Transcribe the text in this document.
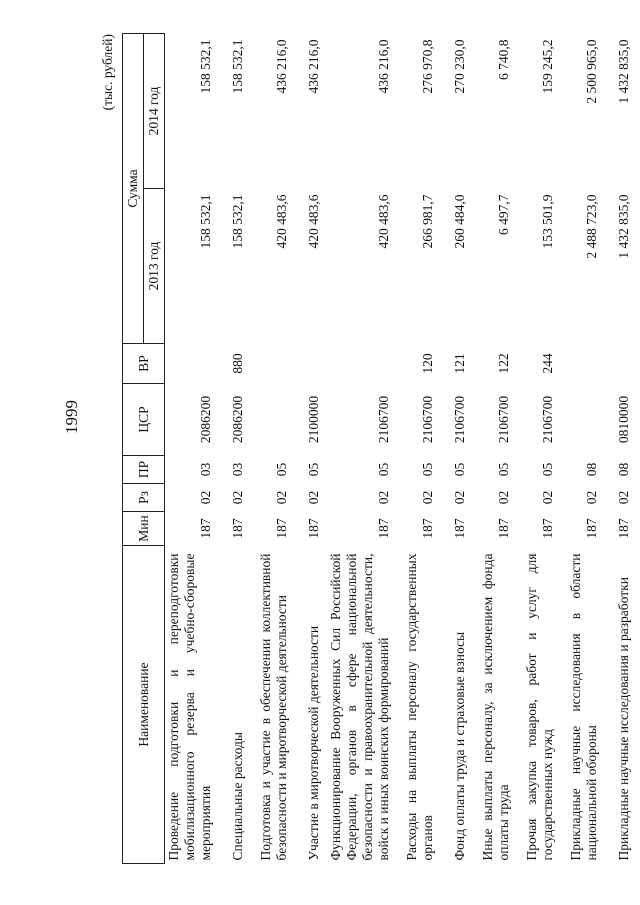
1999
(тыс. рублей)
Наименование	Мин	Рз	ПР	ЦСР	ВР	Сумма	
						2013 год	2014 год
Проведение подготовки и переподготовки мобилизационного резерва и учебно-сборовые мероприятия	187	02	03	2086200		158 532,1	158 532,1
Специальные расходы	187	02	03	2086200	880	158 532,1	158 532,1
Подготовка и участие в обеспечении коллективной безопасности и миротворческой деятельности	187	02	05			420 483,6	436 216,0
Участие в миротворческой деятельности	187	02	05	2100000		420 483,6	436 216,0
Функционирование Вооруженных Сил Российской Федерации, органов в сфере национальной безопасности и правоохранительной деятельности, войск и иных воинских формирований	187	02	05	2106700		420 483,6	436 216,0
Расходы на выплаты персоналу государственных органов	187	02	05	2106700	120	266 981,7	276 970,8
Фонд оплаты труда и страховые взносы	187	02	05	2106700	121	260 484,0	270 230,0
Иные выплаты персоналу, за исключением фонда оплаты труда	187	02	05	2106700	122	6 497,7	6 740,8
Прочая закупка товаров, работ и услуг для государственных нужд	187	02	05	2106700	244	153 501,9	159 245,2
Прикладные научные исследования в области национальной обороны	187	02	08			2 488 723,0	2 500 965,0
Прикладные научные исследования и разработки	187	02	08	0810000		1 432 835,0	1 432 835,0
